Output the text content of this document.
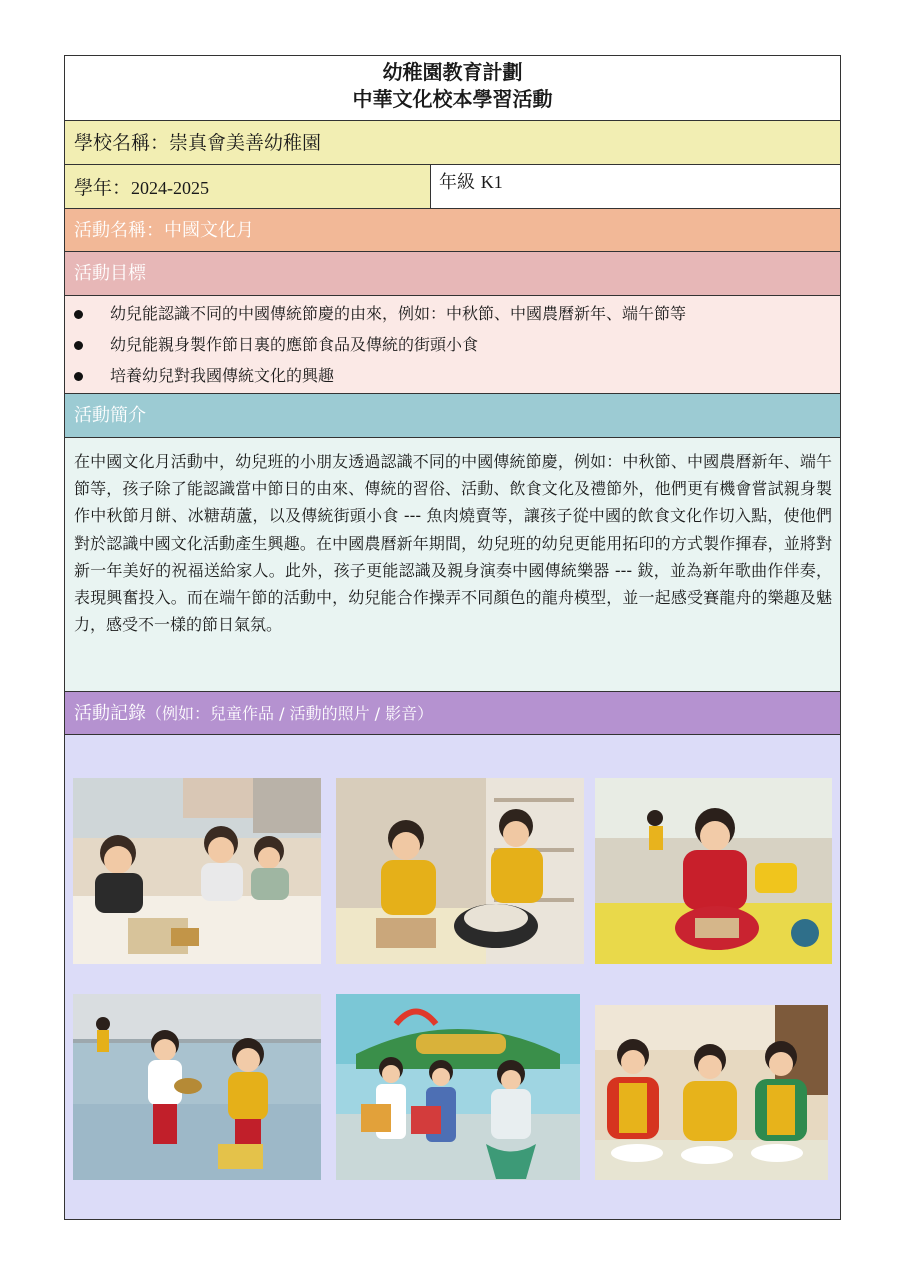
幼稚園教育計劃
中華文化校本學習活動
學校名稱：崇真會美善幼稚園
學年：2024-2025	年級 K1
活動名稱：中國文化月
活動目標
幼兒能認識不同的中國傳統節慶的由來，例如：中秋節、中國農曆新年、端午節等
幼兒能親身製作節日裏的應節食品及傳統的街頭小食
培養幼兒對我國傳統文化的興趣
活動簡介
在中國文化月活動中，幼兒班的小朋友透過認識不同的中國傳統節慶，例如：中秋節、中國農曆新年、端午節等，孩子除了能認識當中節日的由來、傳統的習俗、活動、飲食文化及禮節外，他們更有機會嘗試親身製作中秋節月餅、冰糖葫蘆，以及傳統街頭小食 --- 魚肉燒賣等，讓孩子從中國的飲食文化作切入點，使他們對於認識中國文化活動產生興趣。在中國農曆新年期間，幼兒班的幼兒更能用拓印的方式製作揮春，並將對新一年美好的祝福送給家人。此外，孩子更能認識及親身演奏中國傳統樂器 --- 鈸，並為新年歌曲作伴奏，表現興奮投入。而在端午節的活動中，幼兒能合作操弄不同顏色的龍舟模型，並一起感受賽龍舟的樂趣及魅力，感受不一樣的節日氣氛。
活動記錄（例如：兒童作品 / 活動的照片 / 影音）
